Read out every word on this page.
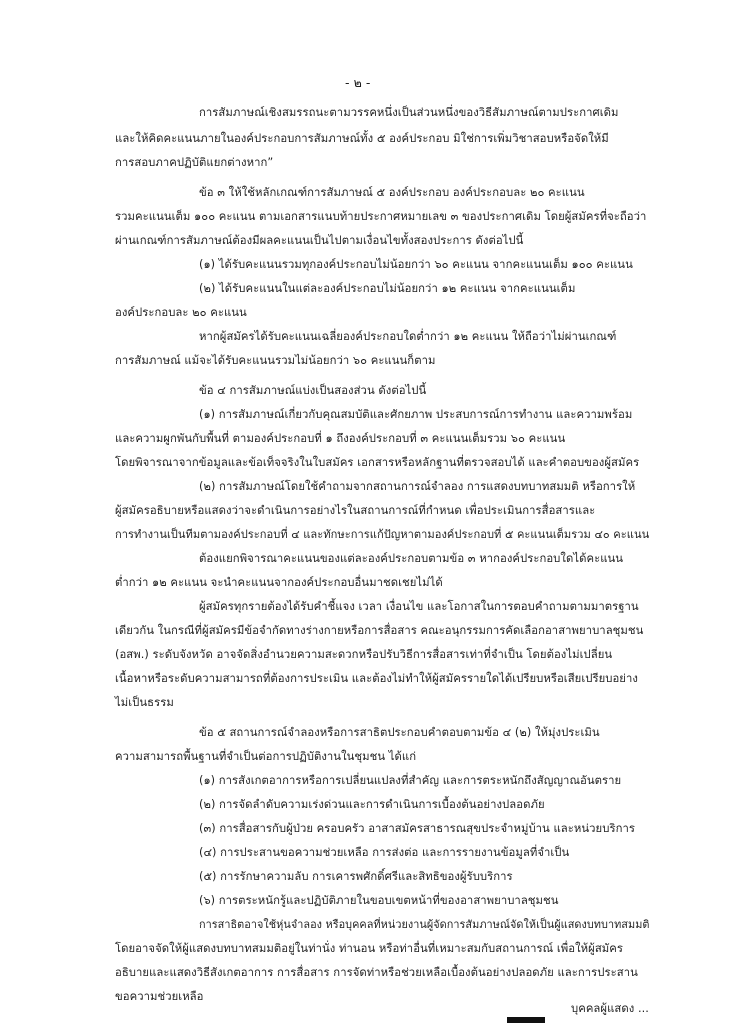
- ๒ -
การสัมภาษณ์เชิงสมรรถนะตามวรรคหนึ่งเป็นส่วนหนึ่งของวิธีสัมภาษณ์ตามประกาศเดิม
และให้คิดคะแนนภายในองค์ประกอบการสัมภาษณ์ทั้ง ๕ องค์ประกอบ มิใช่การเพิ่มวิชาสอบหรือจัดให้มี
การสอบภาคปฏิบัติแยกต่างหาก”
ข้อ ๓ ให้ใช้หลักเกณฑ์การสัมภาษณ์ ๕ องค์ประกอบ องค์ประกอบละ ๒๐ คะแนน
รวมคะแนนเต็ม ๑๐๐ คะแนน ตามเอกสารแนบท้ายประกาศหมายเลข ๓ ของประกาศเดิม โดยผู้สมัครที่จะถือว่า
ผ่านเกณฑ์การสัมภาษณ์ต้องมีผลคะแนนเป็นไปตามเงื่อนไขทั้งสองประการ ดังต่อไปนี้
(๑) ได้รับคะแนนรวมทุกองค์ประกอบไม่น้อยกว่า ๖๐ คะแนน จากคะแนนเต็ม ๑๐๐ คะแนน
(๒) ได้รับคะแนนในแต่ละองค์ประกอบไม่น้อยกว่า ๑๒ คะแนน จากคะแนนเต็ม
องค์ประกอบละ ๒๐ คะแนน
หากผู้สมัครได้รับคะแนนเฉลี่ยองค์ประกอบใดต่ำกว่า ๑๒ คะแนน ให้ถือว่าไม่ผ่านเกณฑ์
การสัมภาษณ์ แม้จะได้รับคะแนนรวมไม่น้อยกว่า ๖๐ คะแนนก็ตาม
ข้อ ๔ การสัมภาษณ์แบ่งเป็นสองส่วน ดังต่อไปนี้
(๑) การสัมภาษณ์เกี่ยวกับคุณสมบัติและศักยภาพ ประสบการณ์การทำงาน และความพร้อม
และความผูกพันกับพื้นที่ ตามองค์ประกอบที่ ๑ ถึงองค์ประกอบที่ ๓ คะแนนเต็มรวม ๖๐ คะแนน
โดยพิจารณาจากข้อมูลและข้อเท็จจริงในใบสมัคร เอกสารหรือหลักฐานที่ตรวจสอบได้ และคำตอบของผู้สมัคร
(๒) การสัมภาษณ์โดยใช้คำถามจากสถานการณ์จำลอง การแสดงบทบาทสมมติ หรือการให้
ผู้สมัครอธิบายหรือแสดงว่าจะดำเนินการอย่างไรในสถานการณ์ที่กำหนด เพื่อประเมินการสื่อสารและ
การทำงานเป็นทีมตามองค์ประกอบที่ ๔ และทักษะการแก้ปัญหาตามองค์ประกอบที่ ๕ คะแนนเต็มรวม ๔๐ คะแนน
ต้องแยกพิจารณาคะแนนของแต่ละองค์ประกอบตามข้อ ๓ หากองค์ประกอบใดได้คะแนน
ต่ำกว่า ๑๒ คะแนน จะนำคะแนนจากองค์ประกอบอื่นมาชดเชยไม่ได้
ผู้สมัครทุกรายต้องได้รับคำชี้แจง เวลา เงื่อนไข และโอกาสในการตอบคำถามตามมาตรฐาน
เดียวกัน ในกรณีที่ผู้สมัครมีข้อจำกัดทางร่างกายหรือการสื่อสาร คณะอนุกรรมการคัดเลือกอาสาพยาบาลชุมชน
(อสพ.) ระดับจังหวัด อาจจัดสิ่งอำนวยความสะดวกหรือปรับวิธีการสื่อสารเท่าที่จำเป็น โดยต้องไม่เปลี่ยน
เนื้อหาหรือระดับความสามารถที่ต้องการประเมิน และต้องไม่ทำให้ผู้สมัครรายใดได้เปรียบหรือเสียเปรียบอย่าง
ไม่เป็นธรรม
ข้อ ๕ สถานการณ์จำลองหรือการสาธิตประกอบคำตอบตามข้อ ๔ (๒) ให้มุ่งประเมิน
ความสามารถพื้นฐานที่จำเป็นต่อการปฏิบัติงานในชุมชน ได้แก่
(๑) การสังเกตอาการหรือการเปลี่ยนแปลงที่สำคัญ และการตระหนักถึงสัญญาณอันตราย
(๒) การจัดลำดับความเร่งด่วนและการดำเนินการเบื้องต้นอย่างปลอดภัย
(๓) การสื่อสารกับผู้ป่วย ครอบครัว อาสาสมัครสาธารณสุขประจำหมู่บ้าน และหน่วยบริการ
(๔) การประสานขอความช่วยเหลือ การส่งต่อ และการรายงานข้อมูลที่จำเป็น
(๕) การรักษาความลับ การเคารพศักดิ์ศรีและสิทธิของผู้รับบริการ
(๖) การตระหนักรู้และปฏิบัติภายในขอบเขตหน้าที่ของอาสาพยาบาลชุมชน
การสาธิตอาจใช้หุ่นจำลอง หรือบุคคลที่หน่วยงานผู้จัดการสัมภาษณ์จัดให้เป็นผู้แสดงบทบาทสมมติ
โดยอาจจัดให้ผู้แสดงบทบาทสมมติอยู่ในท่านั่ง ท่านอน หรือท่าอื่นที่เหมาะสมกับสถานการณ์ เพื่อให้ผู้สมัคร
อธิบายและแสดงวิธีสังเกตอาการ การสื่อสาร การจัดท่าหรือช่วยเหลือเบื้องต้นอย่างปลอดภัย และการประสาน
ขอความช่วยเหลือ
บุคคลผู้แสดง ...
